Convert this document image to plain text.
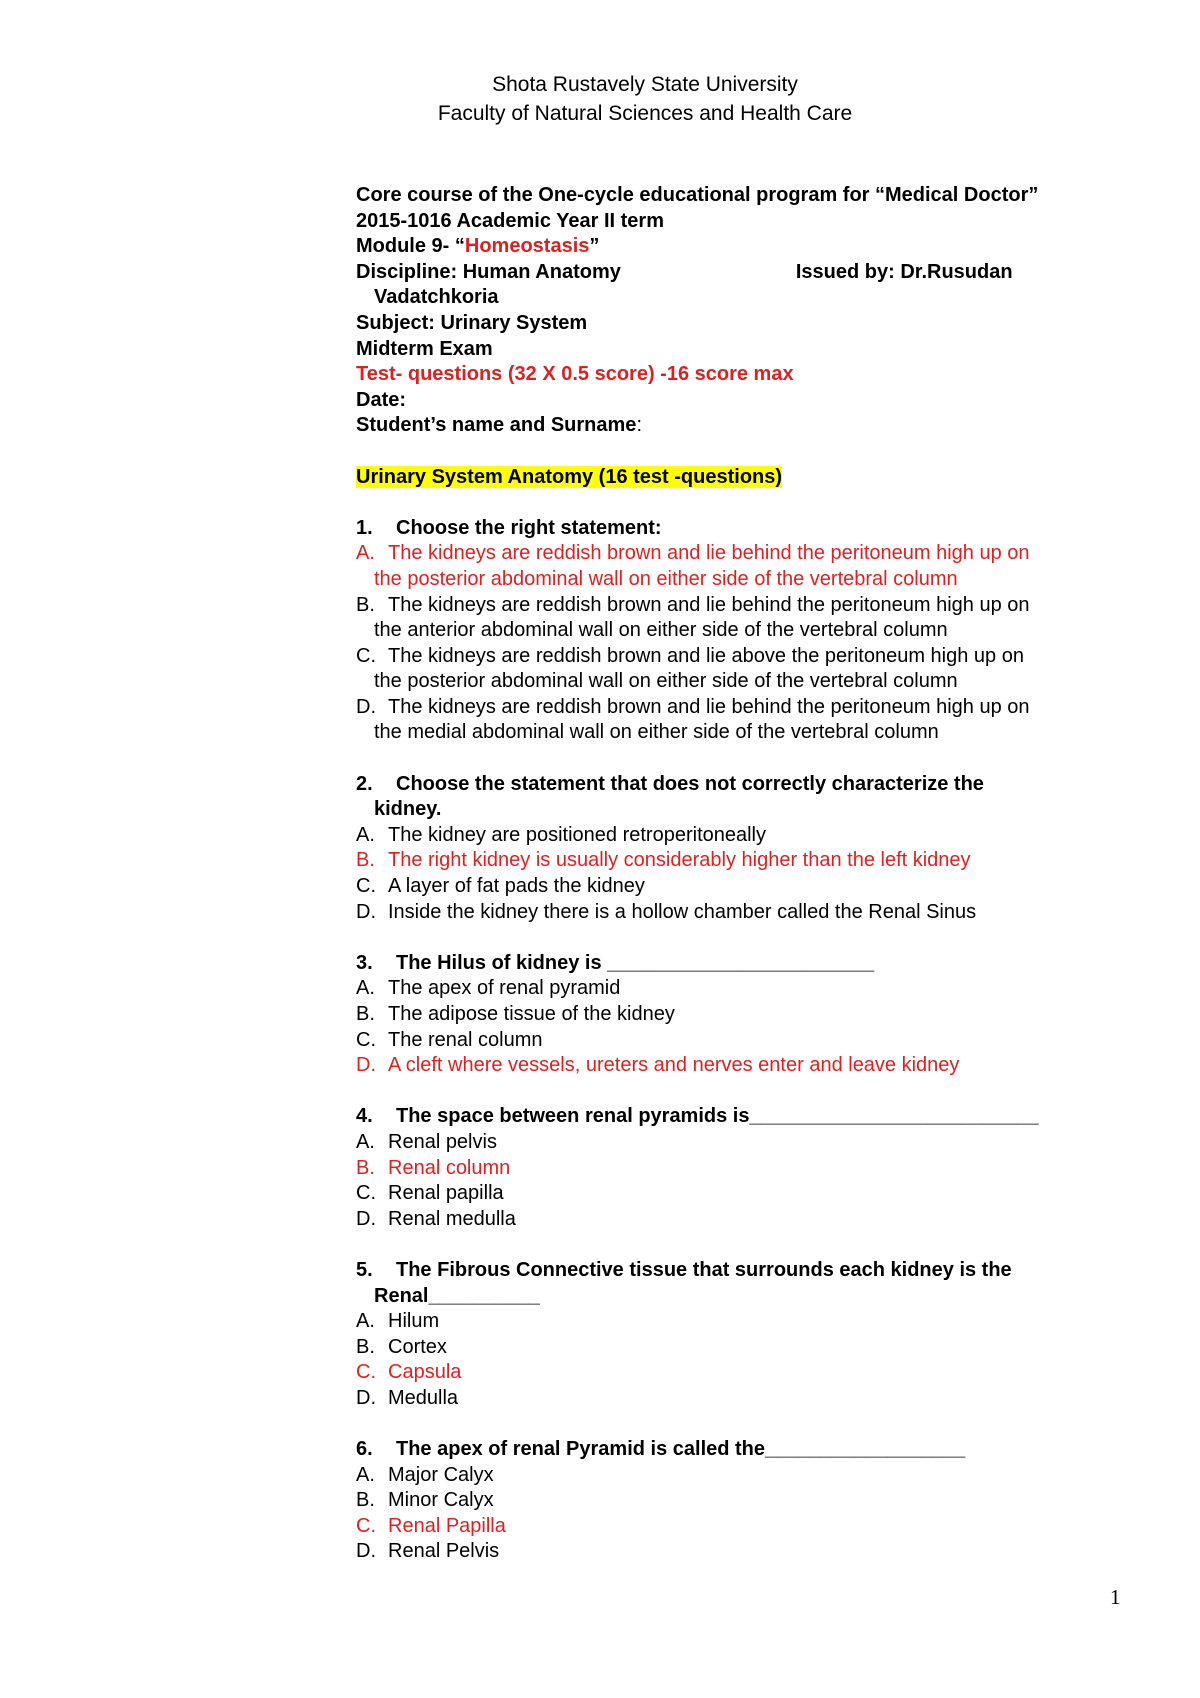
Shota Rustavely State University
Faculty of Natural Sciences and Health Care
Core course of the One-cycle educational program for “Medical Doctor”
2015-1016 Academic Year II term
Module 9- “Homeostasis”
Discipline: Human Anatomy	Issued by: Dr.Rusudan
Vadatchkoria
Subject: Urinary System
Midterm Exam
Test- questions (32 X 0.5 score) -16 score max
Date:
Student’s name and Surname:
Urinary System Anatomy (16 test -questions)
1. Choose the right statement:
A. The kidneys are reddish brown and lie behind the peritoneum high up on
the posterior abdominal wall on either side of the vertebral column
B. The kidneys are reddish brown and lie behind the peritoneum high up on
the anterior abdominal wall on either side of the vertebral column
C. The kidneys are reddish brown and lie above the peritoneum high up on
the posterior abdominal wall on either side of the vertebral column
D. The kidneys are reddish brown and lie behind the peritoneum high up on
the medial abdominal wall on either side of the vertebral column
2. Choose the statement that does not correctly characterize the
kidney.
A. The kidney are positioned retroperitoneally
B. The right kidney is usually considerably higher than the left kidney
C. A layer of fat pads the kidney
D. Inside the kidney there is a hollow chamber called the Renal Sinus
3. The Hilus of kidney is ________________________
A. The apex of renal pyramid
B. The adipose tissue of the kidney
C. The renal column
D. A cleft where vessels, ureters and nerves enter and leave kidney
4. The space between renal pyramids is__________________________
A. Renal pelvis
B. Renal column
C. Renal papilla
D. Renal medulla
5. The Fibrous Connective tissue that surrounds each kidney is the
Renal__________
A. Hilum
B. Cortex
C. Capsula
D. Medulla
6. The apex of renal Pyramid is called the__________________
A. Major Calyx
B. Minor Calyx
C. Renal Papilla
D. Renal Pelvis
1
